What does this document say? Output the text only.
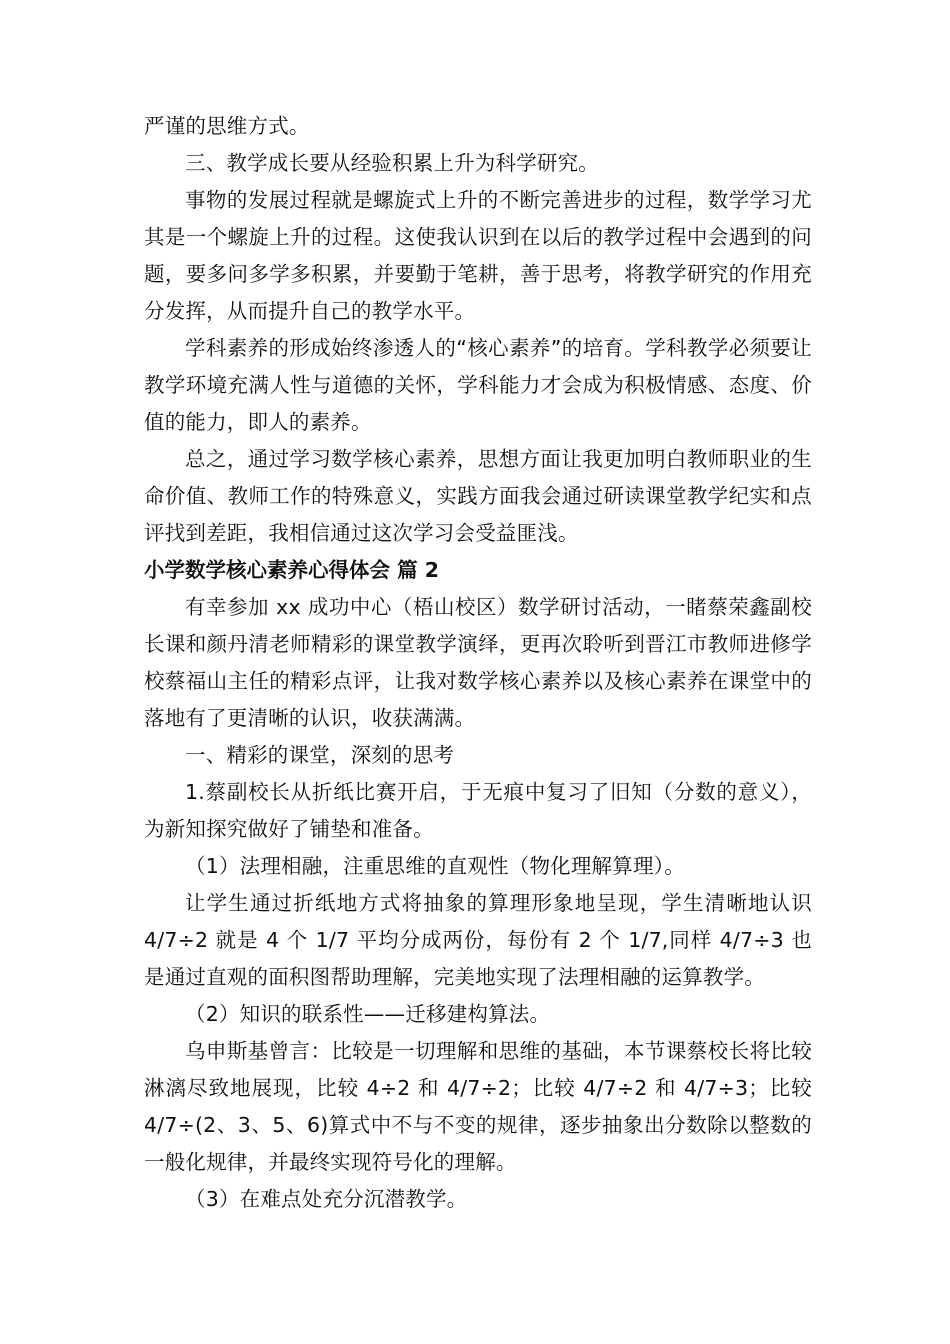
严谨的思维方式。

三、教学成长要从经验积累上升为科学研究。

事物的发展过程就是螺旋式上升的不断完善进步的过程，数学学习尤其是一个螺旋上升的过程。这使我认识到在以后的教学过程中会遇到的问题，要多问多学多积累，并要勤于笔耕，善于思考，将教学研究的作用充分发挥，从而提升自己的教学水平。

学科素养的形成始终渗透人的“核心素养”的培育。学科教学必须要让教学环境充满人性与道德的关怀，学科能力才会成为积极情感、态度、价值的能力，即人的素养。

总之，通过学习数学核心素养，思想方面让我更加明白教师职业的生命价值、教师工作的特殊意义，实践方面我会通过研读课堂教学纪实和点评找到差距，我相信通过这次学习会受益匪浅。

小学数学核心素养心得体会 篇 2

有幸参加 xx 成功中心（梧山校区）数学研讨活动，一睹蔡荣鑫副校长课和颜丹清老师精彩的课堂教学演绎，更再次聆听到晋江市教师进修学校蔡福山主任的精彩点评，让我对数学核心素养以及核心素养在课堂中的落地有了更清晰的认识，收获满满。

一、精彩的课堂，深刻的思考

1.蔡副校长从折纸比赛开启，于无痕中复习了旧知（分数的意义），为新知探究做好了铺垫和准备。

（1）法理相融，注重思维的直观性（物化理解算理）。

让学生通过折纸地方式将抽象的算理形象地呈现，学生清晰地认识 4/7÷2 就是 4 个 1/7 平均分成两份，每份有 2 个 1/7,同样 4/7÷3 也是通过直观的面积图帮助理解，完美地实现了法理相融的运算教学。

（2）知识的联系性——迁移建构算法。

乌申斯基曾言：比较是一切理解和思维的基础，本节课蔡校长将比较淋漓尽致地展现，比较 4÷2 和 4/7÷2；比较 4/7÷2 和 4/7÷3；比较 4/7÷(2、3、5、6)算式中不与不变的规律，逐步抽象出分数除以整数的一般化规律，并最终实现符号化的理解。

（3）在难点处充分沉潜教学。
